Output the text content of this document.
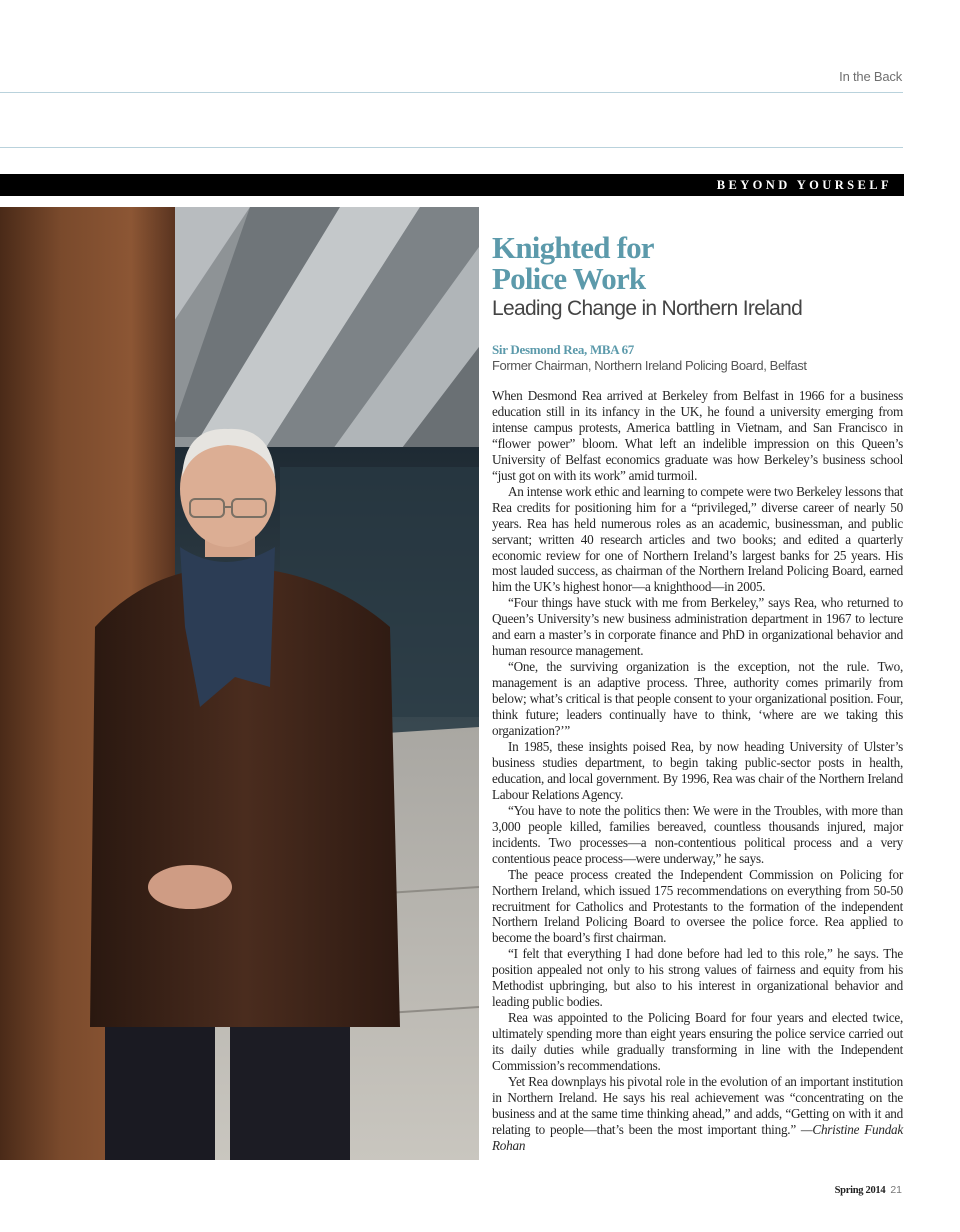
In the Back
BEYOND YOURSELF
Knighted for
Police Work
Leading Change in Northern Ireland
Sir Desmond Rea, MBA 67
Former Chairman, Northern Ireland Policing Board, Belfast

When Desmond Rea arrived at Berkeley from Belfast in 1966 for a business education still in its infancy in the UK, he found a university emerging from intense campus protests, America battling in Vietnam, and San Francisco in “flower power” bloom. What left an indelible impression on this Queen’s University of Belfast economics graduate was how Berkeley’s business school “just got on with its work” amid turmoil.

An intense work ethic and learning to compete were two Berkeley lessons that Rea credits for positioning him for a “privileged,” diverse career of nearly 50 years. Rea has held numerous roles as an academic, businessman, and public servant; written 40 research articles and two books; and edited a quarterly economic review for one of Northern Ireland’s largest banks for 25 years. His most lauded success, as chairman of the Northern Ireland Policing Board, earned him the UK’s highest honor—a knighthood—in 2005.

“Four things have stuck with me from Berkeley,” says Rea, who returned to Queen’s University’s new business administration department in 1967 to lecture and earn a master’s in corporate finance and PhD in organizational behavior and human resource management.

“One, the surviving organization is the exception, not the rule. Two, management is an adaptive process. Three, authority comes primarily from below; what’s critical is that people consent to your organizational position. Four, think future; leaders continually have to think, ‘where are we taking this organization?’”

In 1985, these insights poised Rea, by now heading University of Ulster’s business studies department, to begin taking public-sector posts in health, education, and local government. By 1996, Rea was chair of the Northern Ireland Labour Relations Agency.

“You have to note the politics then: We were in the Troubles, with more than 3,000 people killed, families bereaved, countless thousands injured, major incidents. Two processes—a non-contentious political process and a very contentious peace process—were underway,” he says.

The peace process created the Independent Commission on Policing for Northern Ireland, which issued 175 recommendations on everything from 50-50 recruitment for Catholics and Protestants to the formation of the independent Northern Ireland Policing Board to oversee the police force. Rea applied to become the board’s first chairman.

“I felt that everything I had done before had led to this role,” he says. The position appealed not only to his strong values of fairness and equity from his Methodist upbringing, but also to his interest in organizational behavior and leading public bodies.

Rea was appointed to the Policing Board for four years and elected twice, ultimately spending more than eight years ensuring the police service carried out its daily duties while gradually transforming in line with the Independent Commission’s recommendations.

Yet Rea downplays his pivotal role in the evolution of an important institution in Northern Ireland. He says his real achievement was “concentrating on the business and at the same time thinking ahead,” and adds, “Getting on with it and relating to people—that’s been the most important thing.” —Christine Fundak Rohan

Spring 2014 21
